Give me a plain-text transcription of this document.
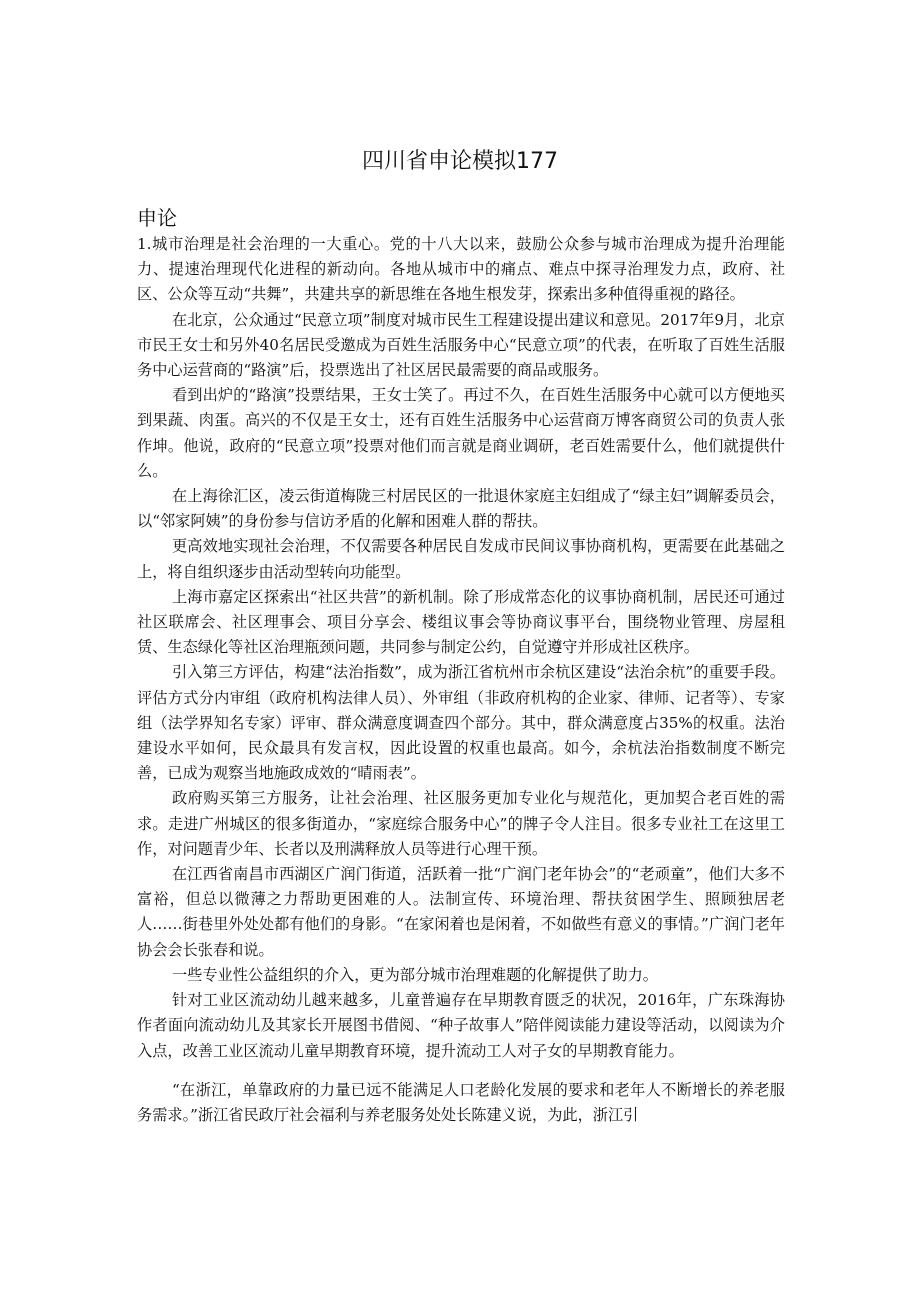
四川省申论模拟177
申论

1.城市治理是社会治理的一大重心。党的十八大以来，鼓励公众参与城市治理成为提升治理能力、提速治理现代化进程的新动向。各地从城市中的痛点、难点中探寻治理发力点，政府、社区、公众等互动“共舞”，共建共享的新思维在各地生根发芽，探索出多种值得重视的路径。

在北京，公众通过“民意立项”制度对城市民生工程建设提出建议和意见。2017年9月，北京市民王女士和另外40名居民受邀成为百姓生活服务中心“民意立项”的代表，在听取了百姓生活服务中心运营商的“路演”后，投票选出了社区居民最需要的商品或服务。

看到出炉的“路演”投票结果，王女士笑了。再过不久，在百姓生活服务中心就可以方便地买到果蔬、肉蛋。高兴的不仅是王女士，还有百姓生活服务中心运营商万博客商贸公司的负责人张作坤。他说，政府的“民意立项”投票对他们而言就是商业调研，老百姓需要什么，他们就提供什么。

在上海徐汇区，凌云街道梅陇三村居民区的一批退休家庭主妇组成了“绿主妇”调解委员会，以“邻家阿姨”的身份参与信访矛盾的化解和困难人群的帮扶。

更高效地实现社会治理，不仅需要各种居民自发成市民间议事协商机构，更需要在此基础之上，将自组织逐步由活动型转向功能型。

上海市嘉定区探索出“社区共营”的新机制。除了形成常态化的议事协商机制，居民还可通过社区联席会、社区理事会、项目分享会、楼组议事会等协商议事平台，围绕物业管理、房屋租赁、生态绿化等社区治理瓶颈问题，共同参与制定公约，自觉遵守并形成社区秩序。

引入第三方评估，构建“法治指数”，成为浙江省杭州市余杭区建设“法治余杭”的重要手段。评估方式分内审组（政府机构法律人员）、外审组（非政府机构的企业家、律师、记者等）、专家组（法学界知名专家）评审、群众满意度调查四个部分。其中，群众满意度占35%的权重。法治建设水平如何，民众最具有发言权，因此设置的权重也最高。如今，余杭法治指数制度不断完善，已成为观察当地施政成效的“晴雨表”。

政府购买第三方服务，让社会治理、社区服务更加专业化与规范化，更加契合老百姓的需求。走进广州城区的很多街道办，“家庭综合服务中心”的牌子令人注目。很多专业社工在这里工作，对问题青少年、长者以及刑满释放人员等进行心理干预。

在江西省南昌市西湖区广润门街道，活跃着一批“广润门老年协会”的“老顽童”，他们大多不富裕，但总以微薄之力帮助更困难的人。法制宣传、环境治理、帮扶贫困学生、照顾独居老人……街巷里外处处都有他们的身影。“在家闲着也是闲着，不如做些有意义的事情。”广润门老年协会会长张春和说。

一些专业性公益组织的介入，更为部分城市治理难题的化解提供了助力。

针对工业区流动幼儿越来越多，儿童普遍存在早期教育匮乏的状况，2016年，广东珠海协作者面向流动幼儿及其家长开展图书借阅、“种子故事人”陪伴阅读能力建设等活动，以阅读为介入点，改善工业区流动儿童早期教育环境，提升流动工人对子女的早期教育能力。

“在浙江，单靠政府的力量已远不能满足人口老龄化发展的要求和老年人不断增长的养老服务需求。”浙江省民政厅社会福利与养老服务处处长陈建义说，为此，浙江引
